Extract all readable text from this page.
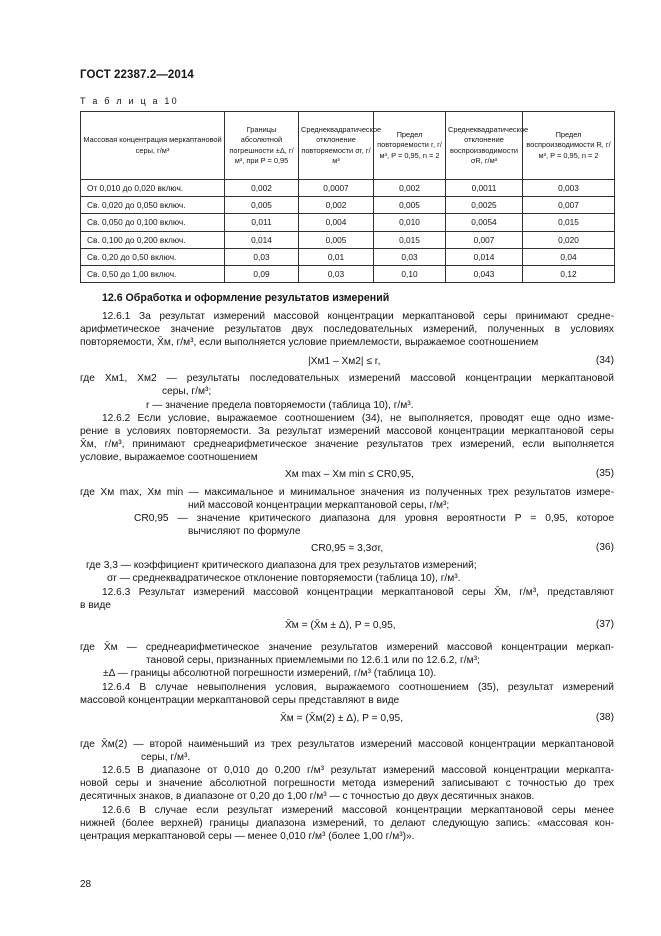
ГОСТ 22387.2—2014
Т а б л и ц а 10
Массовая концентрация меркаптановой серы, г/м³	Границы абсолютной погрешности ±Δ, г/м³, при P = 0,95	Среднеквадратическое отклонение повторяемости σr, г/м³	Предел повторяемости r, г/м³, P = 0,95, n = 2	Среднеквадратическое отклонение воспроизводимости σR, г/м³	Предел воспроизводимости R, г/м³, P = 0,95, n = 2
От 0,010 до 0,020 включ.	0,002	0,0007	0,002	0,0011	0,003
Св. 0,020 до 0,050 включ.	0,005	0,002	0,005	0,0025	0,007
Св. 0,050 до 0,100 включ.	0,011	0,004	0,010	0,0054	0,015
Св. 0,100 до 0,200 включ.	0,014	0,005	0,015	0,007	0,020
Св. 0,20 до 0,50 включ.	0,03	0,01	0,03	0,014	0,04
Св. 0,50 до 1,00 включ.	0,09	0,03	0,10	0,043	0,12
12.6 Обработка и оформление результатов измерений
12.6.1 За результат измерений массовой концентрации меркаптановой серы принимают средне-
арифметическое значение результатов двух последовательных измерений, полученных в условиях
повторяемости, X̄м, г/м³, если выполняется условие приемлемости, выражаемое соотношением
|Xм1 – Xм2| ≤ r,	(34)
где Xм1, Xм2 — результаты последовательных измерений массовой концентрации меркаптановой
серы, г/м³;
r — значение предела повторяемости (таблица 10), г/м³.
12.6.2 Если условие, выражаемое соотношением (34), не выполняется, проводят еще одно изме-
рение в условиях повторяемости. За результат измерений массовой концентрации меркаптановой серы
X̄м, г/м³, принимают среднеарифметическое значение результатов трех измерений, если выполняется
условие, выражаемое соотношением
Xм max – Xм min ≤ CR0,95,	(35)
где Xм max, Xм min — максимальное и минимальное значения из полученных трех результатов измере-
ний массовой концентрации меркаптановой серы, г/м³;
CR0,95 — значение критического диапазона для уровня вероятности P = 0,95, которое
вычисляют по формуле
CR0,95 = 3,3σr,	(36)
где 3,3 — коэффициент критического диапазона для трех результатов измерений;
σr — среднеквадратическое отклонение повторяемости (таблица 10), г/м³.
12.6.3 Результат измерений массовой концентрации меркаптановой серы X̄̄м, г/м³, представляют
в виде
X̄̄м = (X̄м ± Δ), P = 0,95,	(37)
где X̄м — среднеарифметическое значение результатов измерений массовой концентрации меркап-
тановой серы, признанных приемлемыми по 12.6.1 или по 12.6.2, г/м³;
±Δ — границы абсолютной погрешности измерений, г/м³ (таблица 10).
12.6.4 В случае невыполнения условия, выражаемого соотношением (35), результат измерений
массовой концентрации меркаптановой серы представляют в виде
X̄м = (X̄м(2) ± Δ), P = 0,95,	(38)
где X̄м(2) — второй наименьший из трех результатов измерений массовой концентрации меркаптановой
серы, г/м³.
12.6.5 В диапазоне от 0,010 до 0,200 г/м³ результат измерений массовой концентрации меркапта-
новой серы и значение абсолютной погрешности метода измерений записывают с точностью до трех
десятичных знаков, в диапазоне от 0,20 до 1,00 г/м³ — с точностью до двух десятичных знаков.
12.6.6 В случае если результат измерений массовой концентрации меркаптановой серы менее
нижней (более верхней) границы диапазона измерений, то делают следующую запись: «массовая кон-
центрация меркаптановой серы — менее 0,010 г/м³ (более 1,00 г/м³)».
28
